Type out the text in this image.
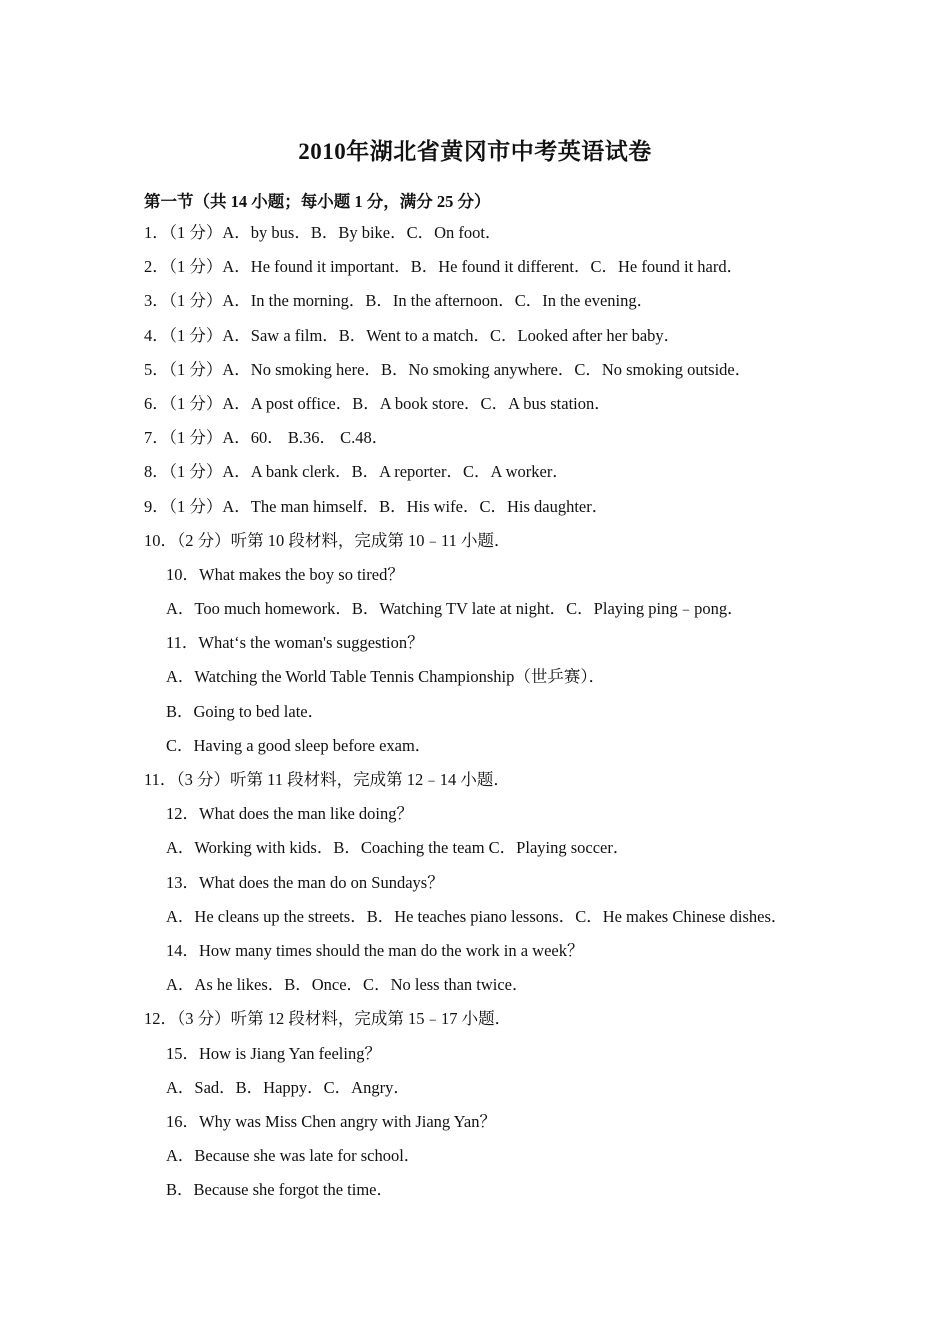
2010年湖北省黄冈市中考英语试卷
第一节（共 14 小题；每小题 1 分，满分 25 分）
1．（1 分）A．by bus．B．By bike．C．On foot．
2．（1 分）A．He found it important．B．He found it different．C．He found it hard．
3．（1 分）A．In the morning．B．In the afternoon．C．In the evening．
4．（1 分）A．Saw a film．B．Went to a match．C．Looked after her baby．
5．（1 分）A．No smoking here．B．No smoking anywhere．C．No smoking outside．
6．（1 分）A．A post office．B．A book store．C．A bus station．
7．（1 分）A．60． B.36． C.48．
8．（1 分）A．A bank clerk．B．A reporter．C．A worker．
9．（1 分）A．The man himself．B．His wife．C．His daughter．
10．（2 分）听第 10 段材料，完成第 10﹣11 小题．
10．What makes the boy so tired？
A．Too much homework．B．Watching TV late at night．C．Playing ping﹣pong．
11．What‘s the woman's suggestion？
A．Watching the World Table Tennis Championship（世乒赛）．
B．Going to bed late．
C．Having a good sleep before exam．
11．（3 分）听第 11 段材料，完成第 12﹣14 小题．
12．What does the man like doing？
A．Working with kids．B．Coaching the team C．Playing soccer．
13．What does the man do on Sundays？
A．He cleans up the streets．B．He teaches piano lessons．C．He makes Chinese dishes．
14．How many times should the man do the work in a week？
A．As he likes．B．Once．C．No less than twice．
12．（3 分）听第 12 段材料，完成第 15﹣17 小题．
15．How is Jiang Yan feeling？
A．Sad．B．Happy．C．Angry．
16．Why was Miss Chen angry with Jiang Yan？
A．Because she was late for school．
B．Because she forgot the time．
